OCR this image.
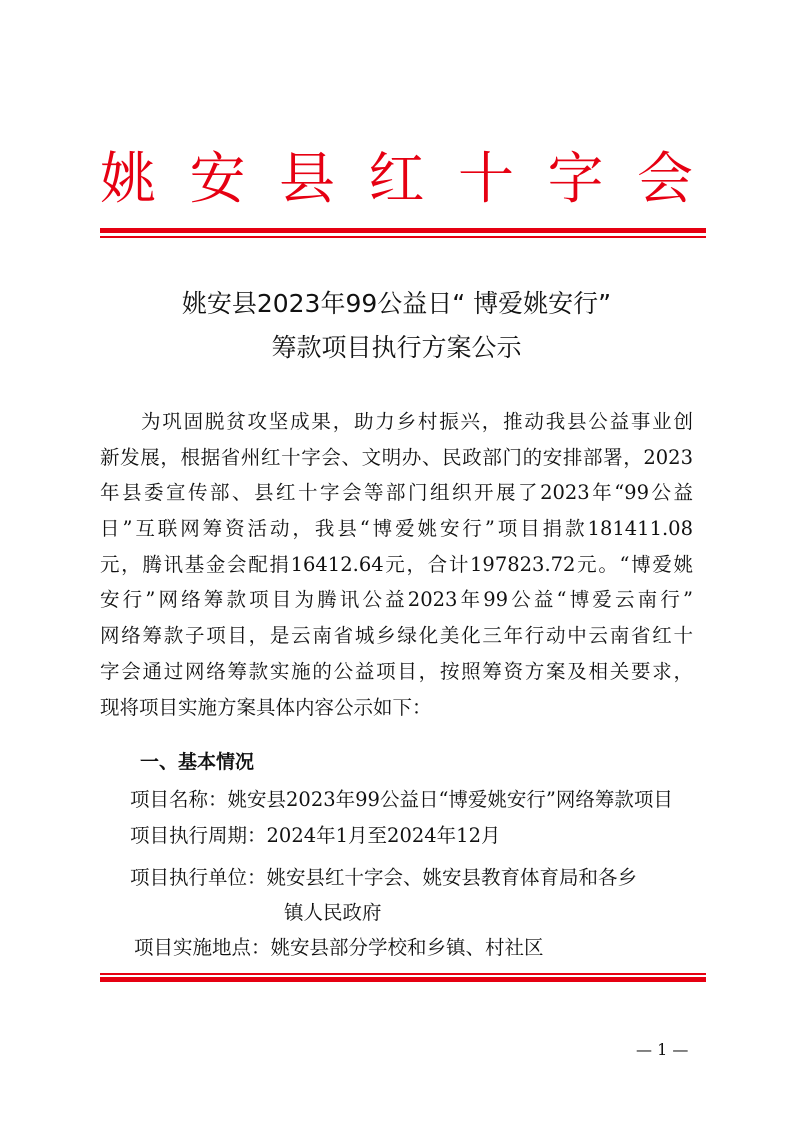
姚 安 县 红 十 字 会
姚安县2023年99公益日“ 博爱姚安行”
筹款项目执行方案公示
为巩固脱贫攻坚成果，助力乡村振兴，推动我县公益事业创
新发展，根据省州红十字会、文明办、民政部门的安排部署，2023
年县委宣传部、县红十字会等部门组织开展了2023年“99公益
日”互联网筹资活动，我县“博爱姚安行”项目捐款181411.08
元，腾讯基金会配捐16412.64元，合计197823.72元。“博爱姚
安行”网络筹款项目为腾讯公益2023年99公益“博爱云南行”
网络筹款子项目，是云南省城乡绿化美化三年行动中云南省红十
字会通过网络筹款实施的公益项目，按照筹资方案及相关要求，
现将项目实施方案具体内容公示如下：
一、基本情况
项目名称：姚安县2023年99公益日“博爱姚安行”网络筹款项目
项目执行周期：2024年1月至2024年12月
项目执行单位：姚安县红十字会、姚安县教育体育局和各乡
镇人民政府
项目实施地点：姚安县部分学校和乡镇、村社区
— 1 —
